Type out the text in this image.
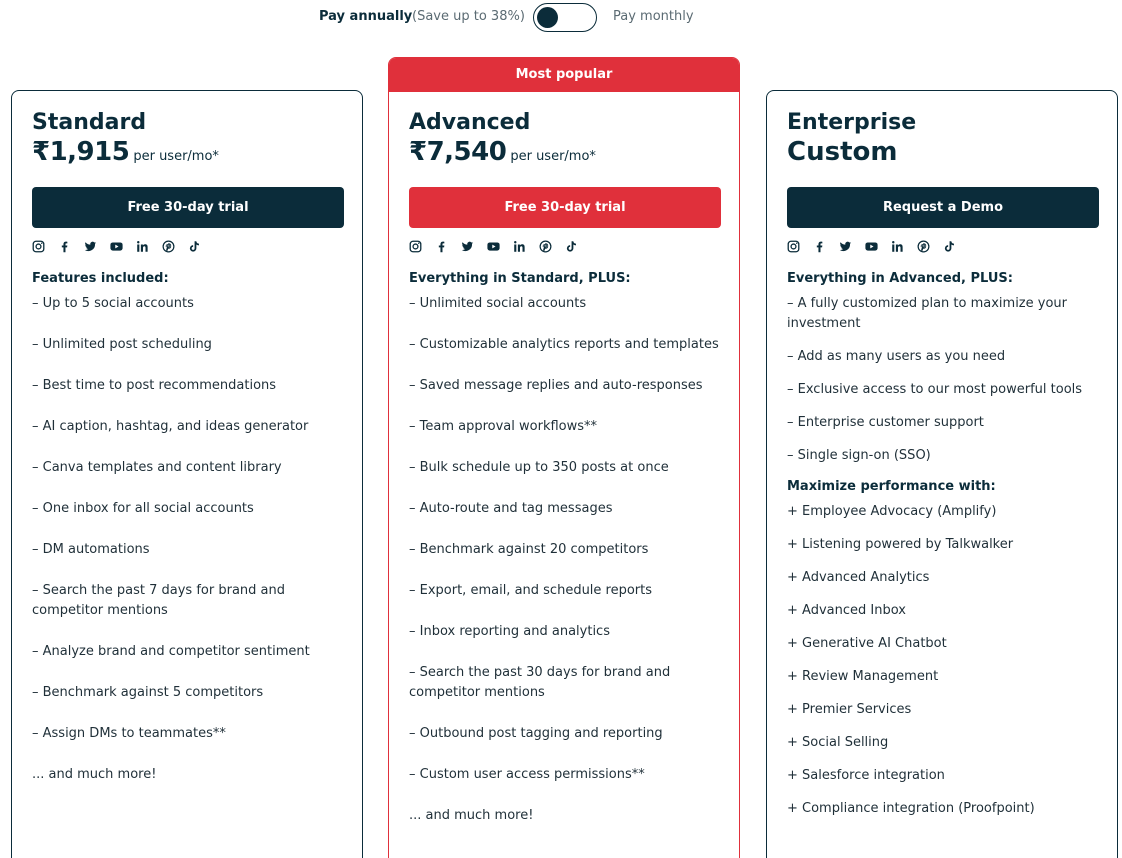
Pay annually (Save up to 38%)	Pay monthly
Standard
₹1,915 per user/mo*
Free 30-day trial
Features included:
– Up to 5 social accounts
– Unlimited post scheduling
– Best time to post recommendations
– AI caption, hashtag, and ideas generator
– Canva templates and content library
– One inbox for all social accounts
– DM automations
– Search the past 7 days for brand and competitor mentions
– Analyze brand and competitor sentiment
– Benchmark against 5 competitors
– Assign DMs to teammates**
... and much more!
Most popular
Advanced
₹7,540 per user/mo*
Free 30-day trial
Everything in Standard, PLUS:
– Unlimited social accounts
– Customizable analytics reports and templates
– Saved message replies and auto-responses
– Team approval workflows**
– Bulk schedule up to 350 posts at once
– Auto-route and tag messages
– Benchmark against 20 competitors
– Export, email, and schedule reports
– Inbox reporting and analytics
– Search the past 30 days for brand and competitor mentions
– Outbound post tagging and reporting
– Custom user access permissions**
... and much more!
Enterprise
Custom
Request a Demo
Everything in Advanced, PLUS:
– A fully customized plan to maximize your investment
– Add as many users as you need
– Exclusive access to our most powerful tools
– Enterprise customer support
– Single sign-on (SSO)
Maximize performance with:
+ Employee Advocacy (Amplify)
+ Listening powered by Talkwalker
+ Advanced Analytics
+ Advanced Inbox
+ Generative AI Chatbot
+ Review Management
+ Premier Services
+ Social Selling
+ Salesforce integration
+ Compliance integration (Proofpoint)
